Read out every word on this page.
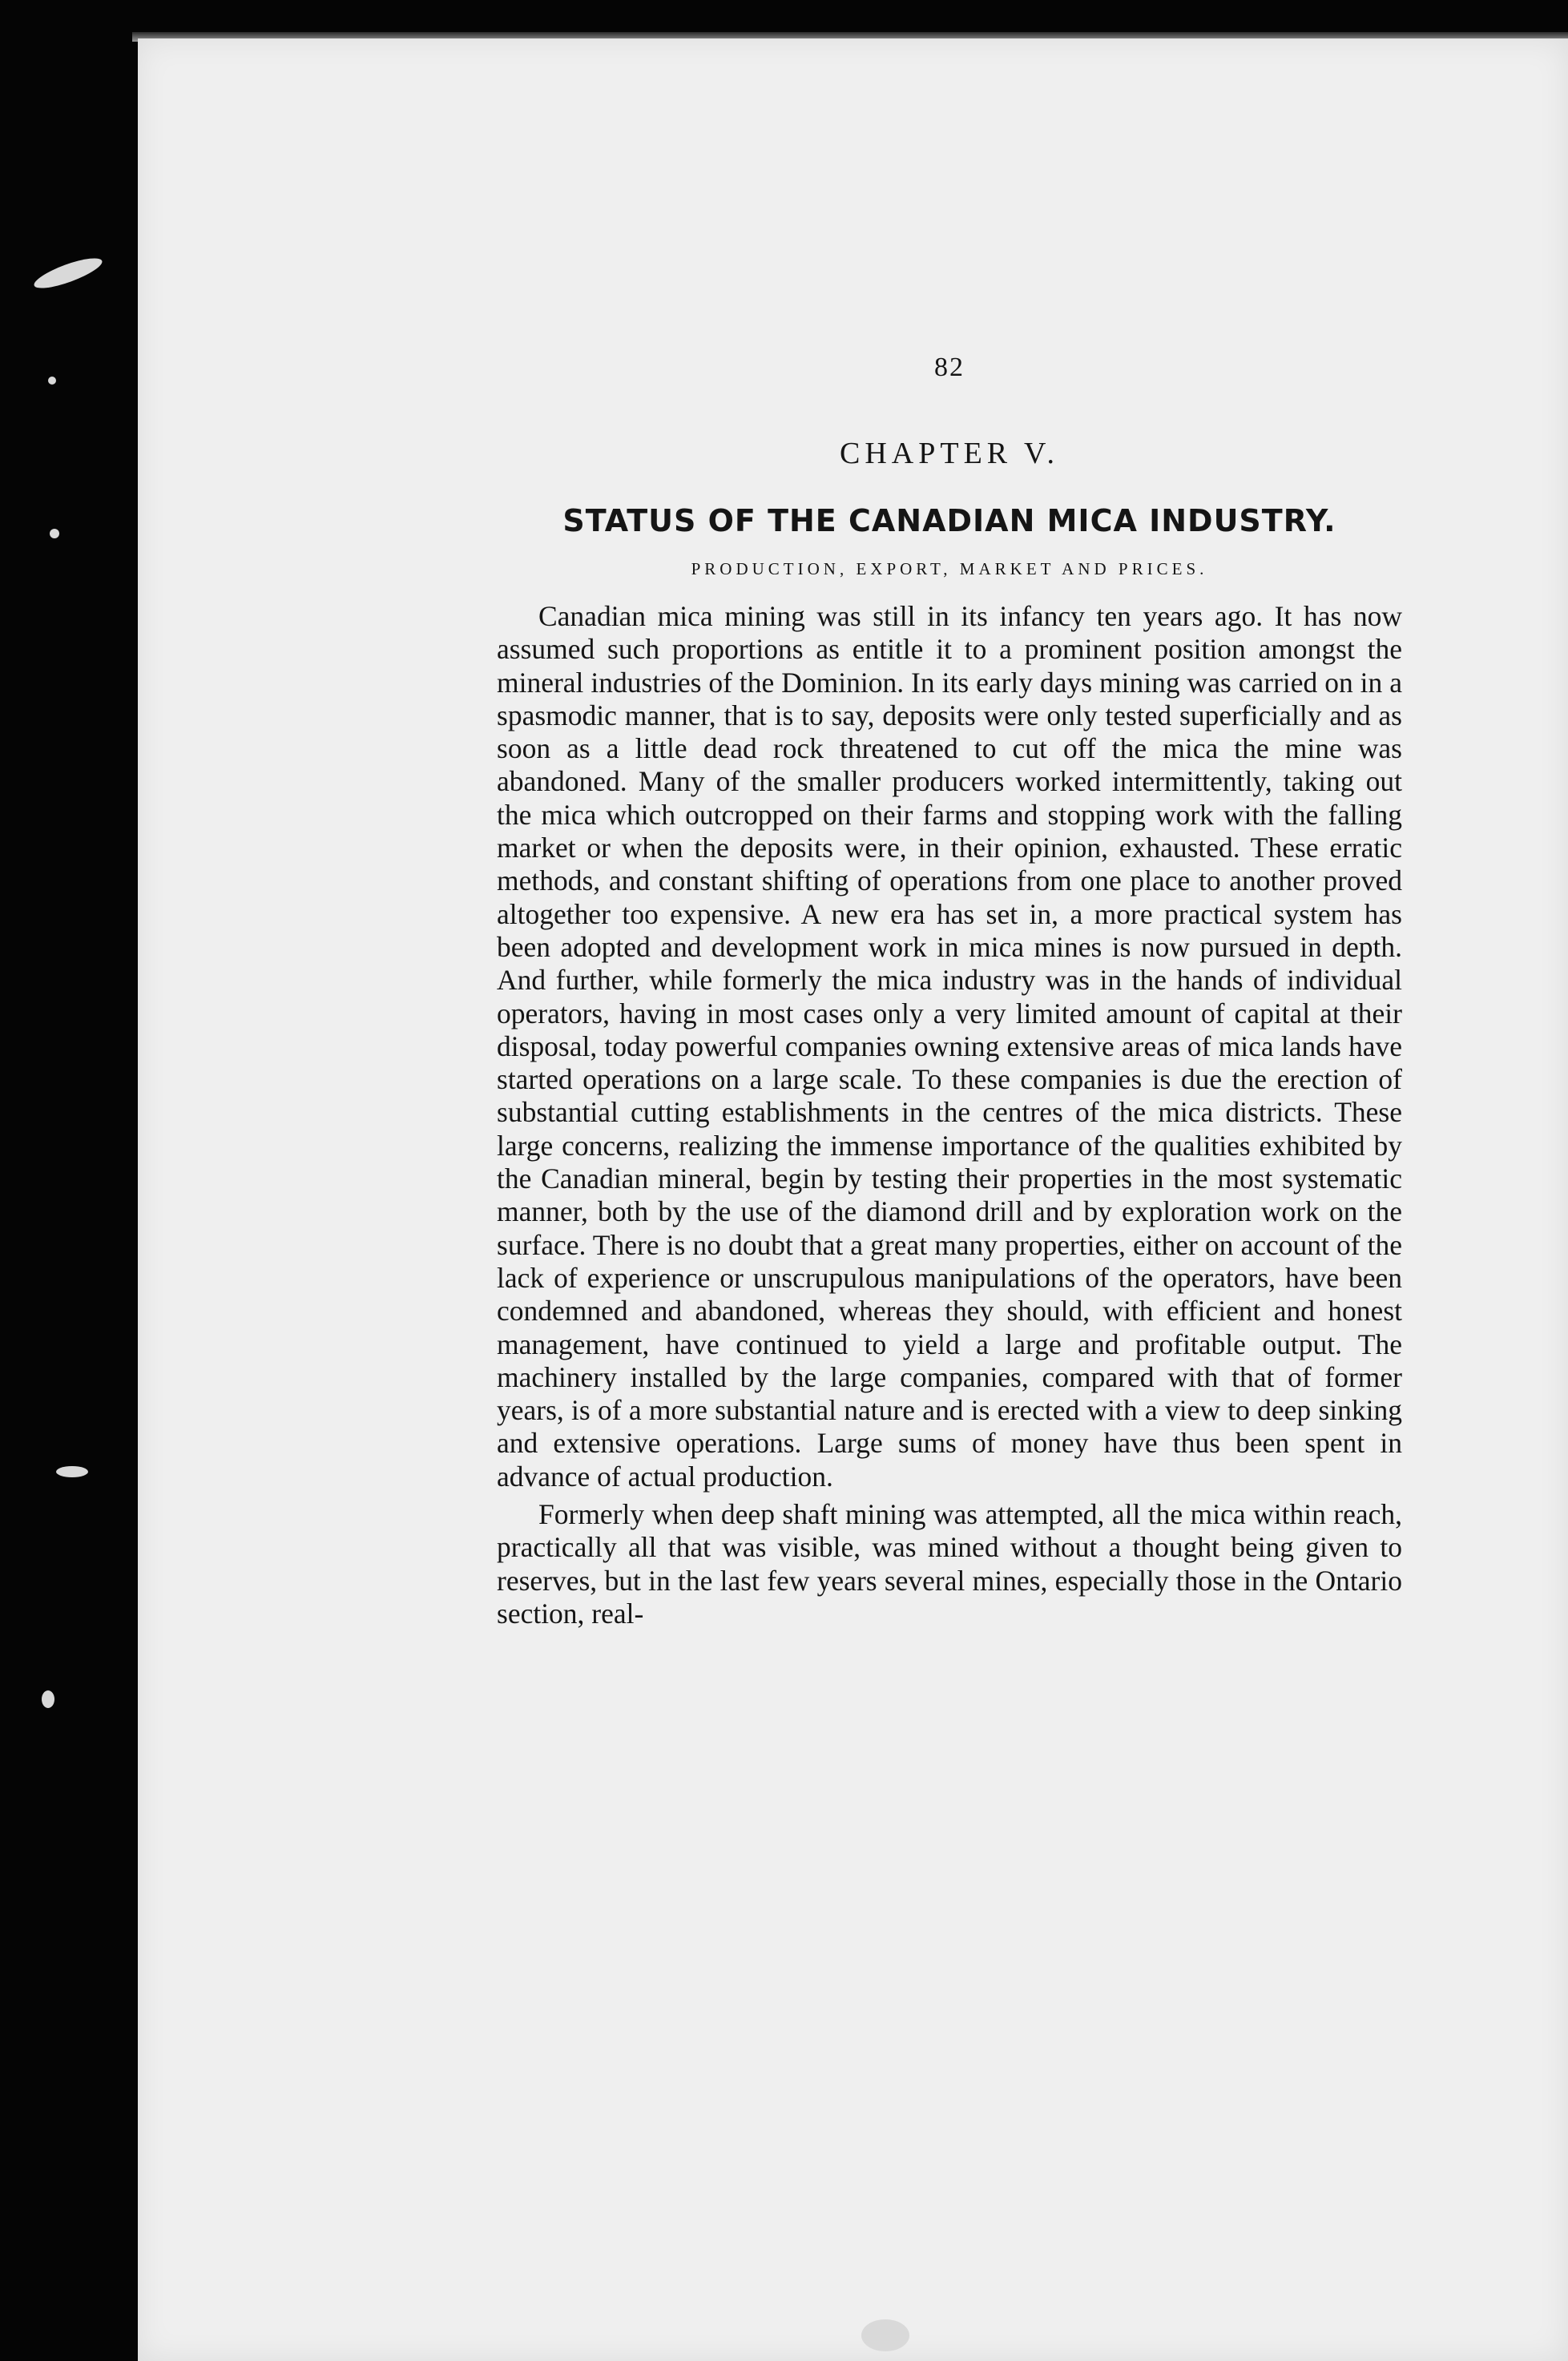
82
CHAPTER V.
STATUS OF THE CANADIAN MICA INDUSTRY.
PRODUCTION, EXPORT, MARKET AND PRICES.

Canadian mica mining was still in its infancy ten years ago. It has now assumed such proportions as entitle it to a prominent position amongst the mineral industries of the Dominion. In its early days mining was carried on in a spasmodic manner, that is to say, deposits were only tested superficially and as soon as a little dead rock threatened to cut off the mica the mine was abandoned. Many of the smaller producers worked intermittently, taking out the mica which outcropped on their farms and stopping work with the falling market or when the deposits were, in their opinion, exhausted. These erratic methods, and constant shifting of operations from one place to another proved altogether too expensive. A new era has set in, a more practical system has been adopted and development work in mica mines is now pursued in depth. And further, while formerly the mica industry was in the hands of individual operators, having in most cases only a very limited amount of capital at their disposal, today powerful companies owning extensive areas of mica lands have started operations on a large scale. To these companies is due the erection of substantial cutting establishments in the centres of the mica districts. These large concerns, realizing the immense importance of the qualities exhibited by the Canadian mineral, begin by testing their properties in the most systematic manner, both by the use of the diamond drill and by exploration work on the surface. There is no doubt that a great many properties, either on account of the lack of experience or unscrupulous manipulations of the operators, have been condemned and abandoned, whereas they should, with efficient and honest management, have continued to yield a large and profitable output. The machinery installed by the large companies, compared with that of former years, is of a more substantial nature and is erected with a view to deep sinking and extensive operations. Large sums of money have thus been spent in advance of actual production.

Formerly when deep shaft mining was attempted, all the mica within reach, practically all that was visible, was mined without a thought being given to reserves, but in the last few years several mines, especially those in the Ontario section, real-
